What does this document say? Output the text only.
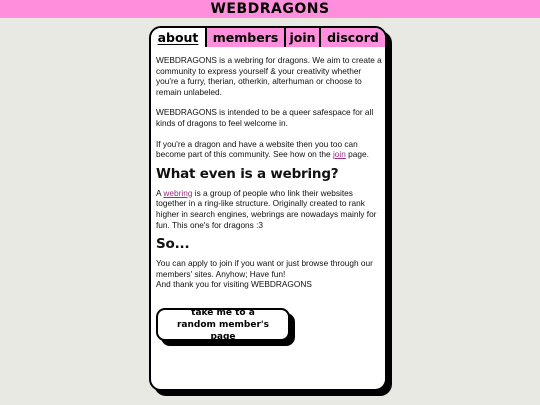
WEBDRAGONS
about members join discord

WEBDRAGONS is a webring for dragons. We aim to create a community to express yourself & your creativity whether you're a furry, therian, otherkin, alterhuman or choose to remain unlabeled.

WEBDRAGONS is intended to be a queer safespace for all kinds of dragons to feel welcome in.

If you're a dragon and have a website then you too can become part of this community. See how on the join page.

What even is a webring?

A webring is a group of people who link their websites together in a ring-like structure. Originally created to rank higher in search engines, webrings are nowadays mainly for fun. This one's for dragons :3

So...

You can apply to join if you want or just browse through our members' sites. Anyhow; Have fun!

And thank you for visiting WEBDRAGONS

take me to a random member's page
